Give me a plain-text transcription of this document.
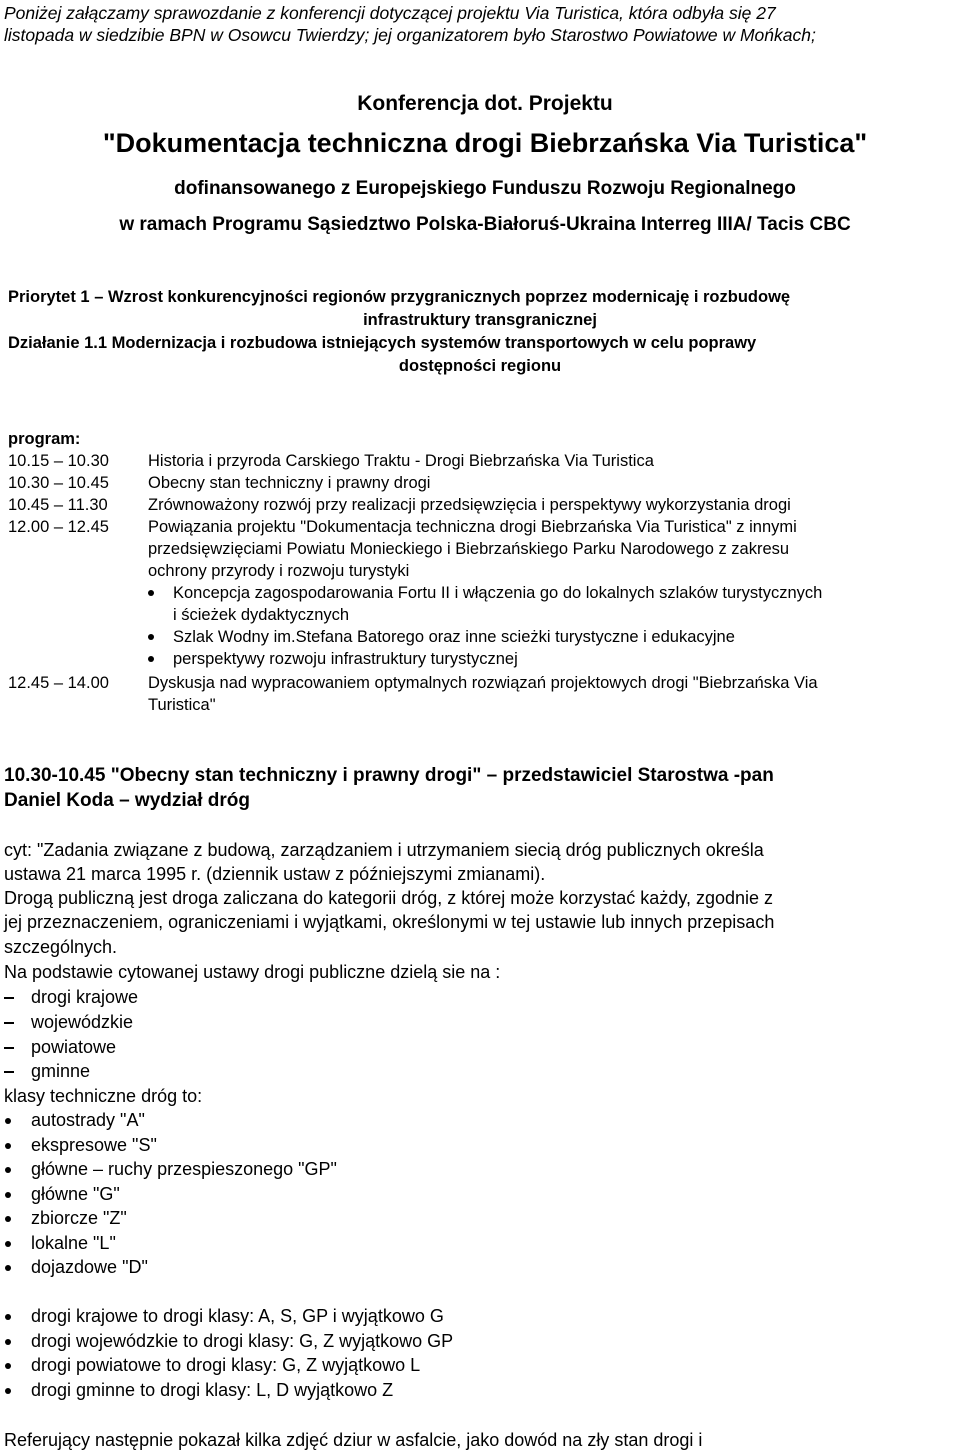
Poniżej załączamy sprawozdanie z konferencji dotyczącej projektu Via Turistica, która odbyła się 27
listopada w siedzibie BPN w Osowcu Twierdzy; jej organizatorem było Starostwo Powiatowe w Mońkach;
Konferencja dot. Projektu
"Dokumentacja techniczna drogi Biebrzańska Via Turistica"
dofinansowanego z Europejskiego Funduszu Rozwoju Regionalnego
w ramach Programu Sąsiedztwo Polska-Białoruś-Ukraina Interreg IIIA/ Tacis CBC
Priorytet 1 – Wzrost konkurencyjności regionów przygranicznych poprzez modernicaję i rozbudowę
infrastruktury transgranicznej
Działanie 1.1 Modernizacja i rozbudowa istniejących systemów transportowych w celu poprawy
dostępności regionu
program:
10.15 – 10.30 Historia i przyroda Carskiego Traktu - Drogi Biebrzańska Via Turistica
10.30 – 10.45 Obecny stan techniczny i prawny drogi
10.45 – 11.30 Zrównoważony rozwój przy realizacji przedsięwzięcia i perspektywy wykorzystania drogi
12.00 – 12.45 Powiązania projektu "Dokumentacja techniczna drogi Biebrzańska Via Turistica" z innymi
przedsięwzięciami Powiatu Monieckiego i Biebrzańskiego Parku Narodowego z zakresu
ochrony przyrody i rozwoju turystyki
Koncepcja zagospodarowania Fortu II i włączenia go do lokalnych szlaków turystycznych
i ścieżek dydaktycznych
Szlak Wodny im.Stefana Batorego oraz inne scieżki turystyczne i edukacyjne
perspektywy rozwoju infrastruktury turystycznej
12.45 – 14.00 Dyskusja nad wypracowaniem optymalnych rozwiązań projektowych drogi "Biebrzańska Via
Turistica"
10.30-10.45 "Obecny stan techniczny i prawny drogi" – przedstawiciel Starostwa -pan
Daniel Koda – wydział dróg
cyt: "Zadania związane z budową, zarządzaniem i utrzymaniem siecią dróg publicznych określa
ustawa 21 marca 1995 r. (dziennik ustaw z późniejszymi zmianami).
Drogą publiczną jest droga zaliczana do kategorii dróg, z której może korzystać każdy, zgodnie z
jej przeznaczeniem, ograniczeniami i wyjątkami, określonymi w tej ustawie lub innych przepisach
szczególnych.
Na podstawie cytowanej ustawy drogi publiczne dzielą sie na :
drogi krajowe
wojewódzkie
powiatowe
gminne
klasy techniczne dróg to:
autostrady "A"
ekspresowe "S"
główne – ruchy przespieszonego "GP"
główne "G"
zbiorcze "Z"
lokalne "L"
dojazdowe "D"
drogi krajowe to drogi klasy: A, S, GP i wyjątkowo G
drogi wojewódzkie to drogi klasy: G, Z wyjątkowo GP
drogi powiatowe to drogi klasy: G, Z wyjątkowo L
drogi gminne to drogi klasy: L, D wyjątkowo Z
Referujący następnie pokazał kilka zdjęć dziur w asfalcie, jako dowód na zły stan drogi i
